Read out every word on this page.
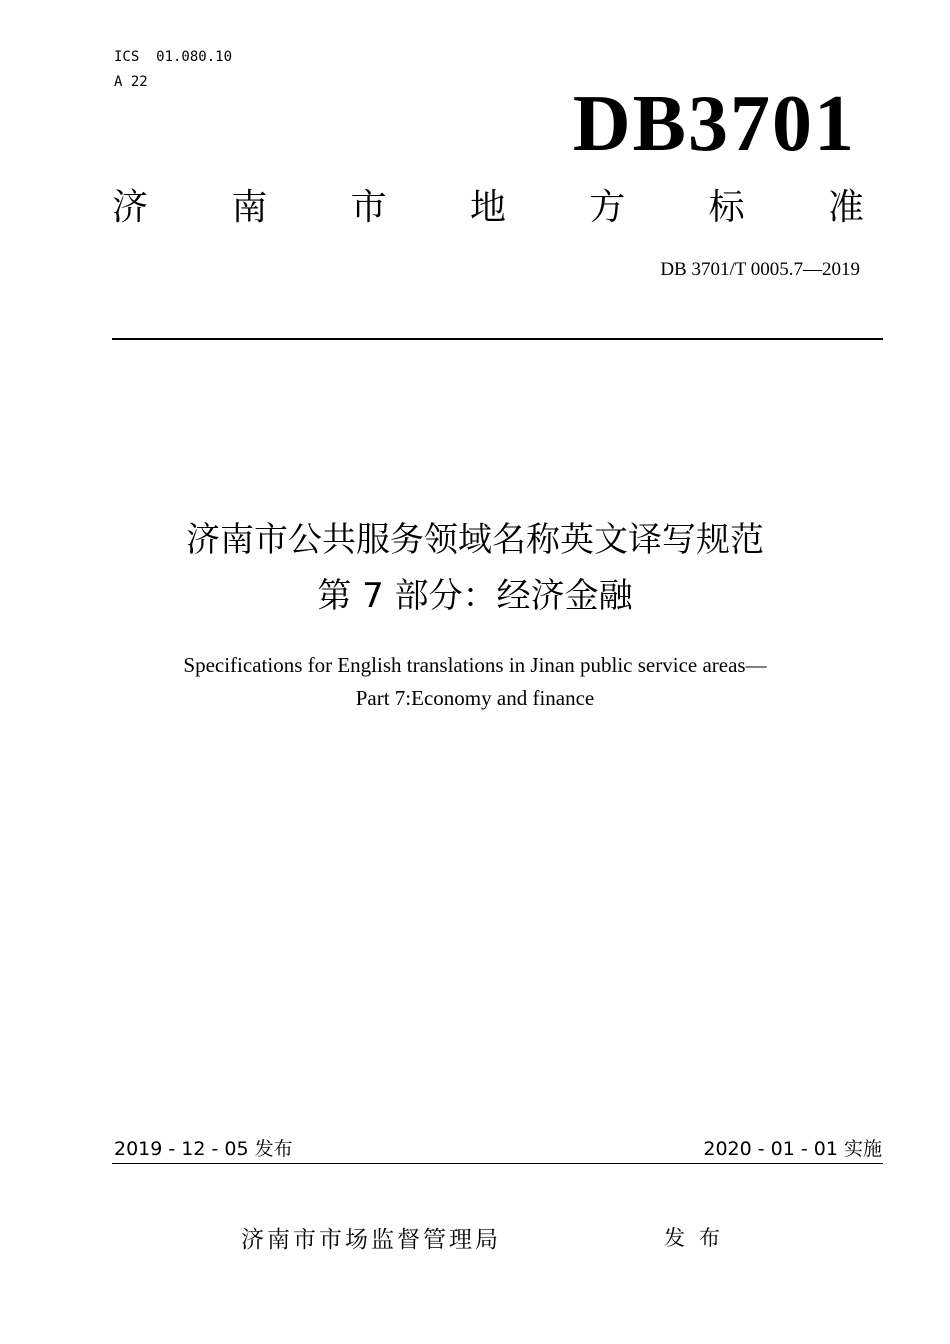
ICS  01.080.10
A 22	DB3701
济 南 市 地 方 标 准
DB 3701/T 0005.7—2019
济南市公共服务领域名称英文译写规范
第 7 部分：经济金融
Specifications for English translations in Jinan public service areas—
Part 7:Economy and finance
2019 - 12 - 05 发布	2020 - 01 - 01 实施
济南市市场监督管理局	发布
